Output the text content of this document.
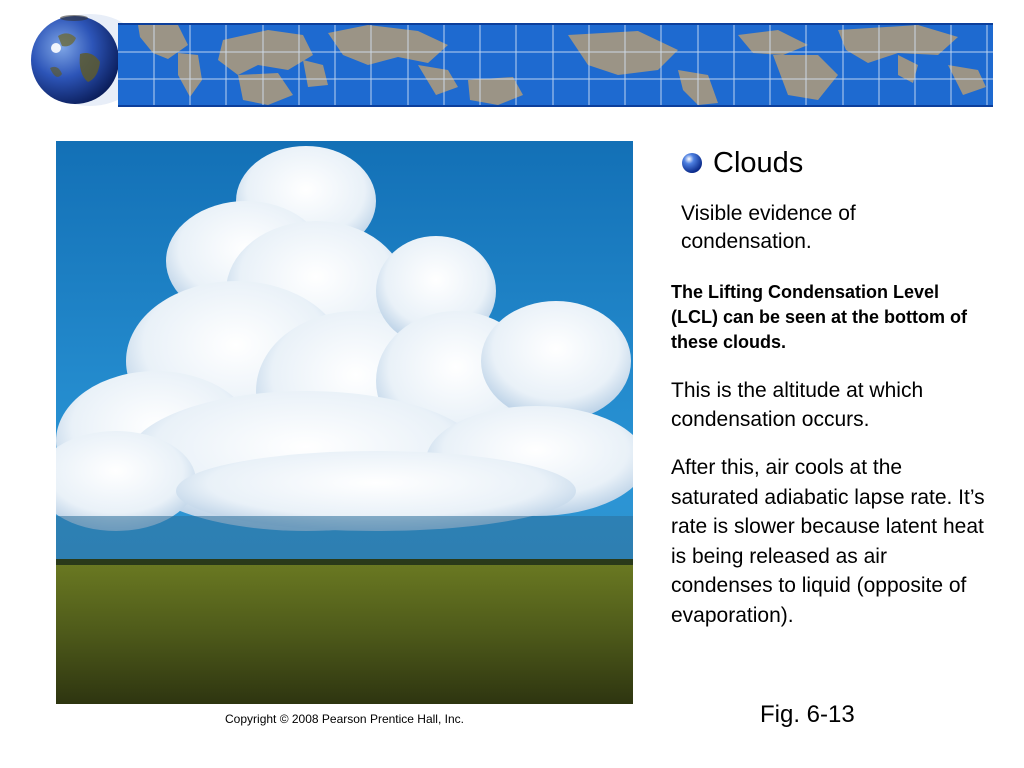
Copyright © 2008 Pearson Prentice Hall, Inc.
Clouds
Visible evidence of condensation.
The Lifting Condensation Level (LCL) can be seen at the bottom of these clouds.
This is the altitude at which condensation occurs.
After this, air cools at the saturated adiabatic lapse rate. It’s rate is slower because latent heat is being released as air condenses to liquid (opposite of evaporation).
Fig. 6-13
